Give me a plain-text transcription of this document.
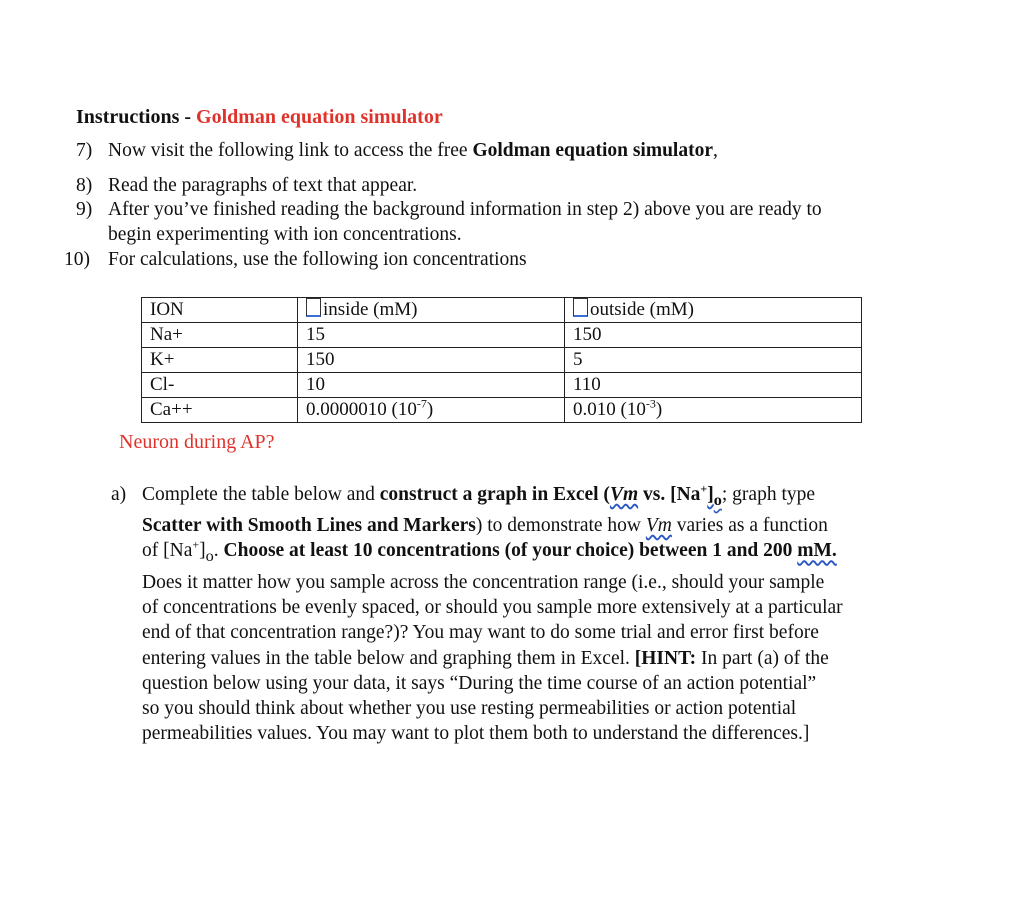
Instructions - Goldman equation simulator
7) Now visit the following link to access the free Goldman equation simulator,
8) Read the paragraphs of text that appear.
9) After you’ve finished reading the background information in step 2) above you are ready to
begin experimenting with ion concentrations.
10) For calculations, use the following ion concentrations
ION	inside (mM)	outside (mM)
Na+	15	150
K+	150	5
Cl-	10	110
Ca++	0.0000010 $(10^{-7})$	0.010 $(10^{-3})$
Neuron during AP?
a) Complete the table below and construct a graph in Excel (Vm vs. $[Na^+]_o$; graph type
Scatter with Smooth Lines and Markers) to demonstrate how Vm varies as a function
of $[Na^+]_o$. Choose at least 10 concentrations (of your choice) between 1 and 200 mM.
Does it matter how you sample across the concentration range (i.e., should your sample
of concentrations be evenly spaced, or should you sample more extensively at a particular
end of that concentration range?)? You may want to do some trial and error first before
entering values in the table below and graphing them in Excel. [HINT: In part (a) of the
question below using your data, it says “During the time course of an action potential”
so you should think about whether you use resting permeabilities or action potential
permeabilities values. You may want to plot them both to understand the differences.]
